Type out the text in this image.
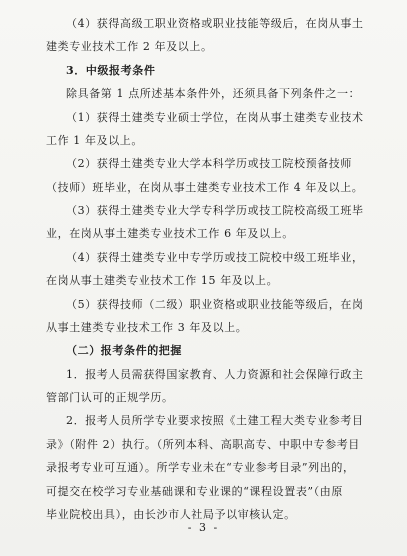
（4）获得高级工职业资格或职业技能等级后，在岗从事土
建类专业技术工作 2 年及以上。
3．中级报考条件
除具备第 1 点所述基本条件外，还须具备下列条件之一：
（1）获得土建类专业硕士学位，在岗从事土建类专业技术
工作 1 年及以上。
（2）获得土建类专业大学本科学历或技工院校预备技师
（技师）班毕业，在岗从事土建类专业技术工作 4 年及以上。
（3）获得土建类专业大学专科学历或技工院校高级工班毕
业，在岗从事土建类专业技术工作 6 年及以上。
（4）获得土建类专业中专学历或技工院校中级工班毕业，
在岗从事土建类专业技术工作 15 年及以上。
（5）获得技师（二级）职业资格或职业技能等级后，在岗
从事土建类专业技术工作 3 年及以上。
（二）报考条件的把握
1．报考人员需获得国家教育、人力资源和社会保障行政主
管部门认可的正规学历。
2．报考人员所学专业要求按照《土建工程大类专业参考目
录》（附件 2）执行。（所列本科、高职高专、中职中专参考目
录报考专业可互通）。所学专业未在“专业参考目录”列出的，
可提交在校学习专业基础课和专业课的“课程设置表”（由原
毕业院校出具），由长沙市人社局予以审核认定。
- 3 -
